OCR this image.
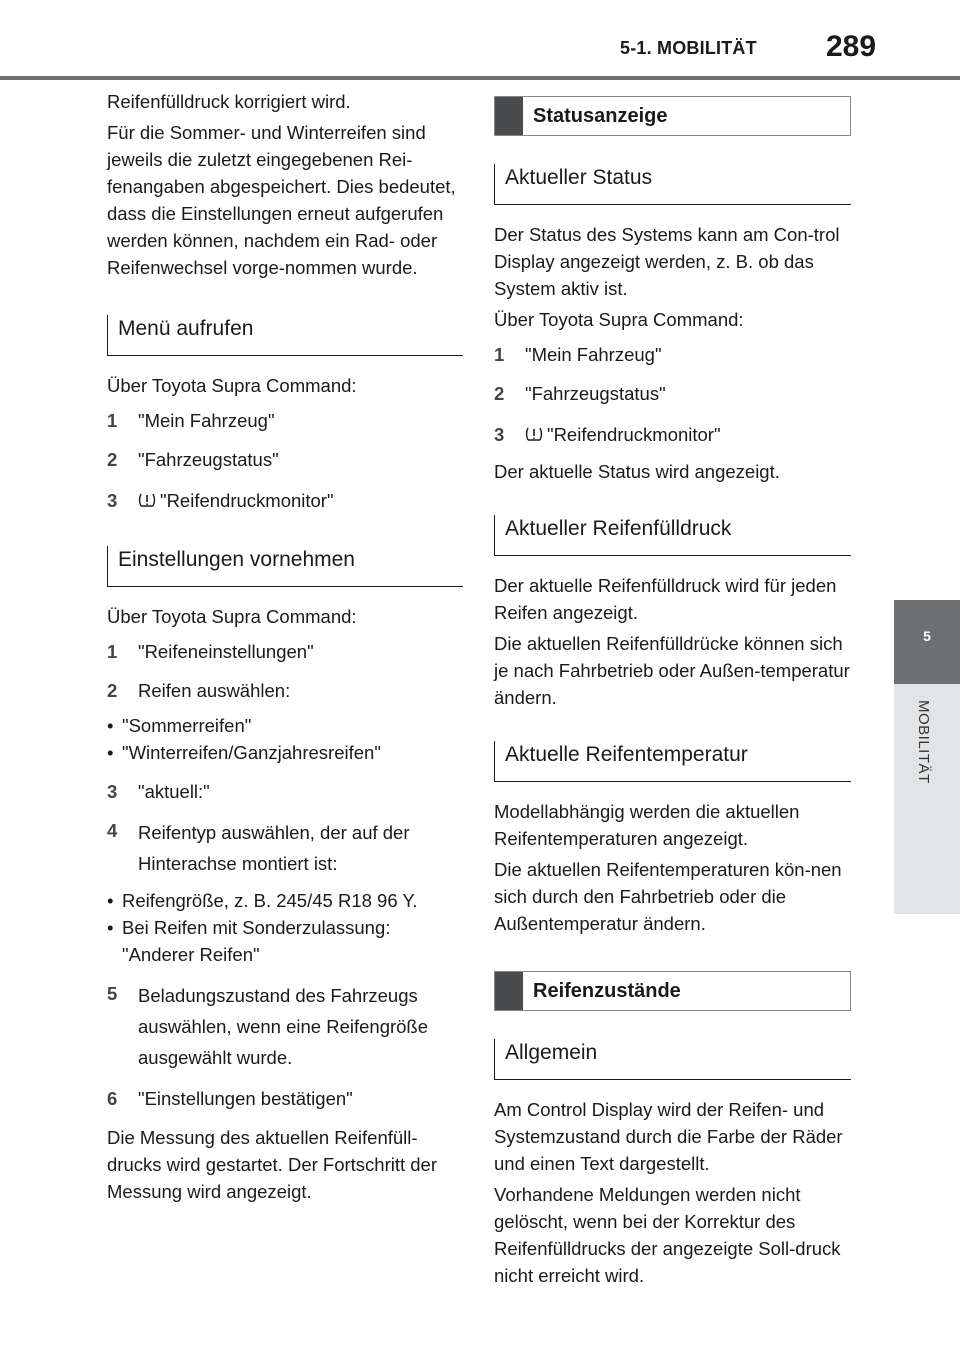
5-1. MOBILITÄT 289
5
MOBILITÄT

Reifenfülldruck korrigiert wird.

Für die Sommer- und Winterreifen sind jeweils die zuletzt eingegebenen Rei-fenangaben abgespeichert. Dies bedeutet, dass die Einstellungen erneut aufgerufen werden können, nachdem ein Rad- oder Reifenwechsel vorge-nommen wurde.

Menü aufrufen

Über Toyota Supra Command:

1	"Mein Fahrzeug"
2	"Fahrzeugstatus"
3	"Reifendruckmonitor"
Einstellungen vornehmen

Über Toyota Supra Command:

1	"Reifeneinstellungen"
2	Reifen auswählen:
• "Sommerreifen"
• "Winterreifen/Ganzjahresreifen"
3	"aktuell:"
4	Reifentyp auswählen, der auf der Hinterachse montiert ist:
• Reifengröße, z. B. 245/45 R18 96 Y.
• Bei Reifen mit Sonderzulassung: "Anderer Reifen"
5	Beladungszustand des Fahrzeugs auswählen, wenn eine Reifengröße ausgewählt wurde.
6	"Einstellungen bestätigen"

Die Messung des aktuellen Reifenfüll-drucks wird gestartet. Der Fortschritt der Messung wird angezeigt.

Statusanzeige
Aktueller Status

Der Status des Systems kann am Con-trol Display angezeigt werden, z. B. ob das System aktiv ist.

Über Toyota Supra Command:

1	"Mein Fahrzeug"
2	"Fahrzeugstatus"
3	"Reifendruckmonitor"

Der aktuelle Status wird angezeigt.

Aktueller Reifenfülldruck

Der aktuelle Reifenfülldruck wird für jeden Reifen angezeigt.

Die aktuellen Reifenfülldrücke können sich je nach Fahrbetrieb oder Außen-temperatur ändern.

Aktuelle Reifentemperatur

Modellabhängig werden die aktuellen Reifentemperaturen angezeigt.

Die aktuellen Reifentemperaturen kön-nen sich durch den Fahrbetrieb oder die Außentemperatur ändern.

Reifenzustände
Allgemein

Am Control Display wird der Reifen- und Systemzustand durch die Farbe der Räder und einen Text dargestellt.

Vorhandene Meldungen werden nicht gelöscht, wenn bei der Korrektur des Reifenfülldrucks der angezeigte Soll-druck nicht erreicht wird.
